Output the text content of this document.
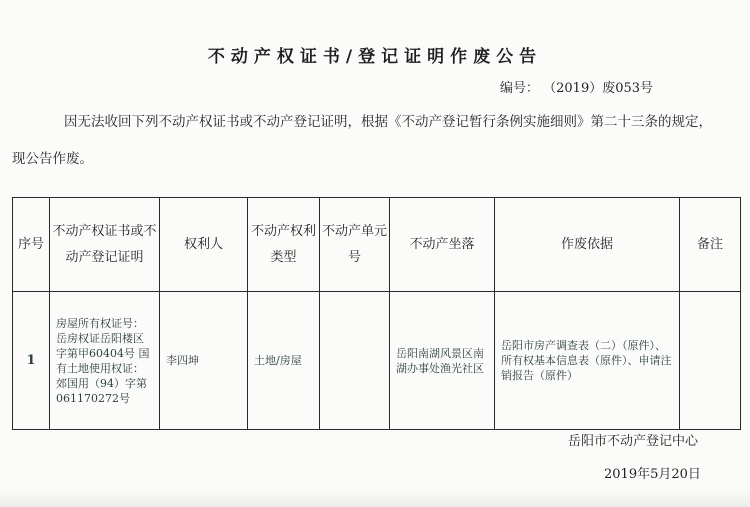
不动产权证书/登记证明作废公告
编号： （2019）废053号
因无法收回下列不动产权证书或不动产登记证明，根据《不动产登记暂行条例实施细则》第二十三条的规定，现公告作废。
序号	不动产权证书或不动产登记证明	权利人	不动产权利类型	不动产单元号	不动产坐落	作废依据	备注
1	房屋所有权证号：岳房权证岳阳楼区字第甲60404号 国有土地使用权证：郊国用（94）字第061170272号	李四坤	土地/房屋		岳阳南湖风景区南湖办事处渔光社区	岳阳市房产调查表（二）（原件）、所有权基本信息表（原件）、申请注销报告（原件）	
岳阳市不动产登记中心
2019年5月20日
